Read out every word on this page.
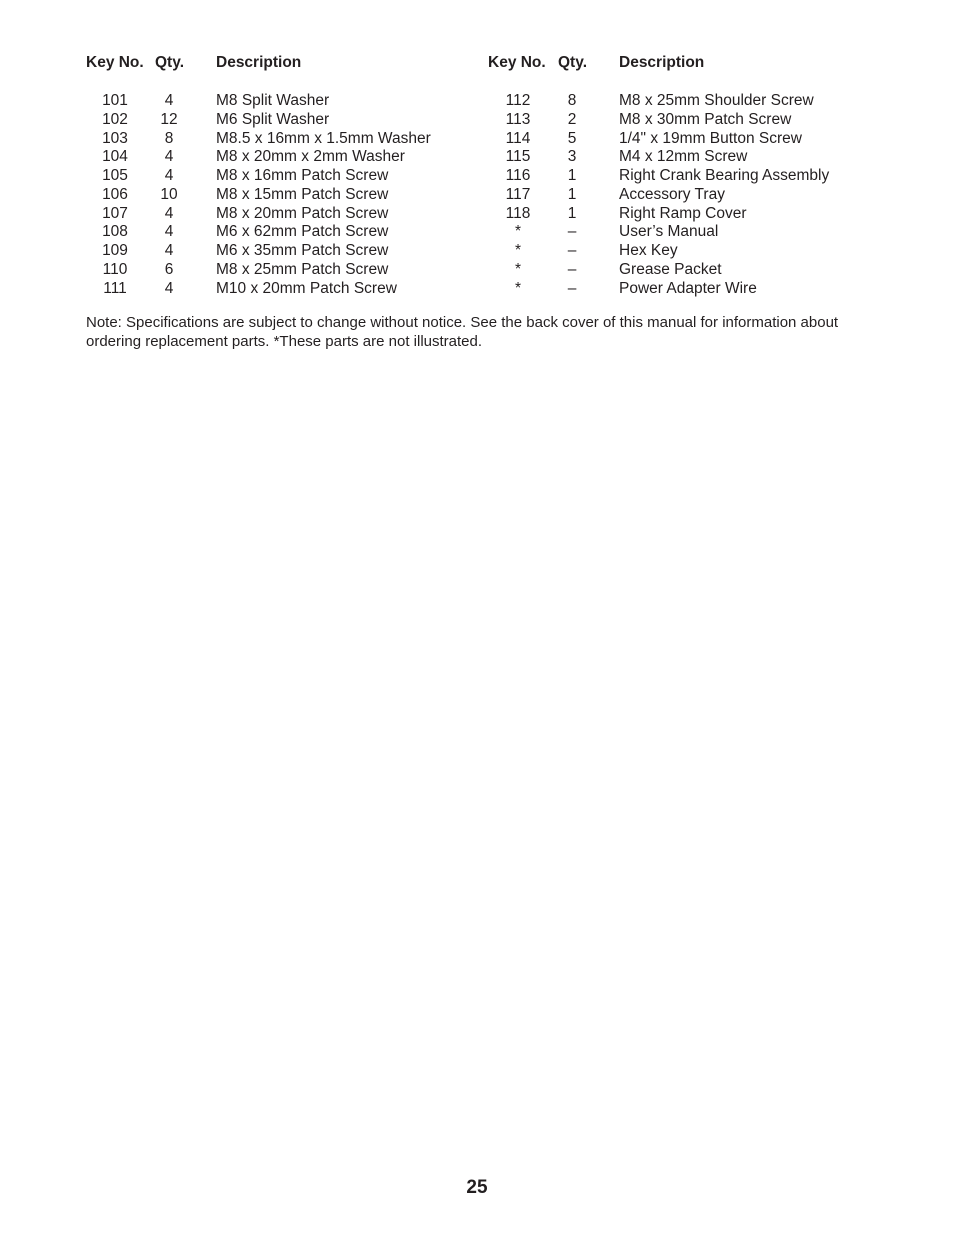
Key No. Qty. Description
101	4	M8 Split Washer
102	12	M6 Split Washer
103	8	M8.5 x 16mm x 1.5mm Washer
104	4	M8 x 20mm x 2mm Washer
105	4	M8 x 16mm Patch Screw
106	10	M8 x 15mm Patch Screw
107	4	M8 x 20mm Patch Screw
108	4	M6 x 62mm Patch Screw
109	4	M6 x 35mm Patch Screw
110	6	M8 x 25mm Patch Screw
111	4	M10 x 20mm Patch Screw
Key No. Qty. Description
112	8	M8 x 25mm Shoulder Screw
113	2	M8 x 30mm Patch Screw
114	5	1/4" x 19mm Button Screw
115	3	M4 x 12mm Screw
116	1	Right Crank Bearing Assembly
117	1	Accessory Tray
118	1	Right Ramp Cover
*	–	User’s Manual
*	–	Hex Key
*	–	Grease Packet
*	–	Power Adapter Wire
Note: Specifications are subject to change without notice. See the back cover of this manual for information about ordering replacement parts. *These parts are not illustrated.
25
